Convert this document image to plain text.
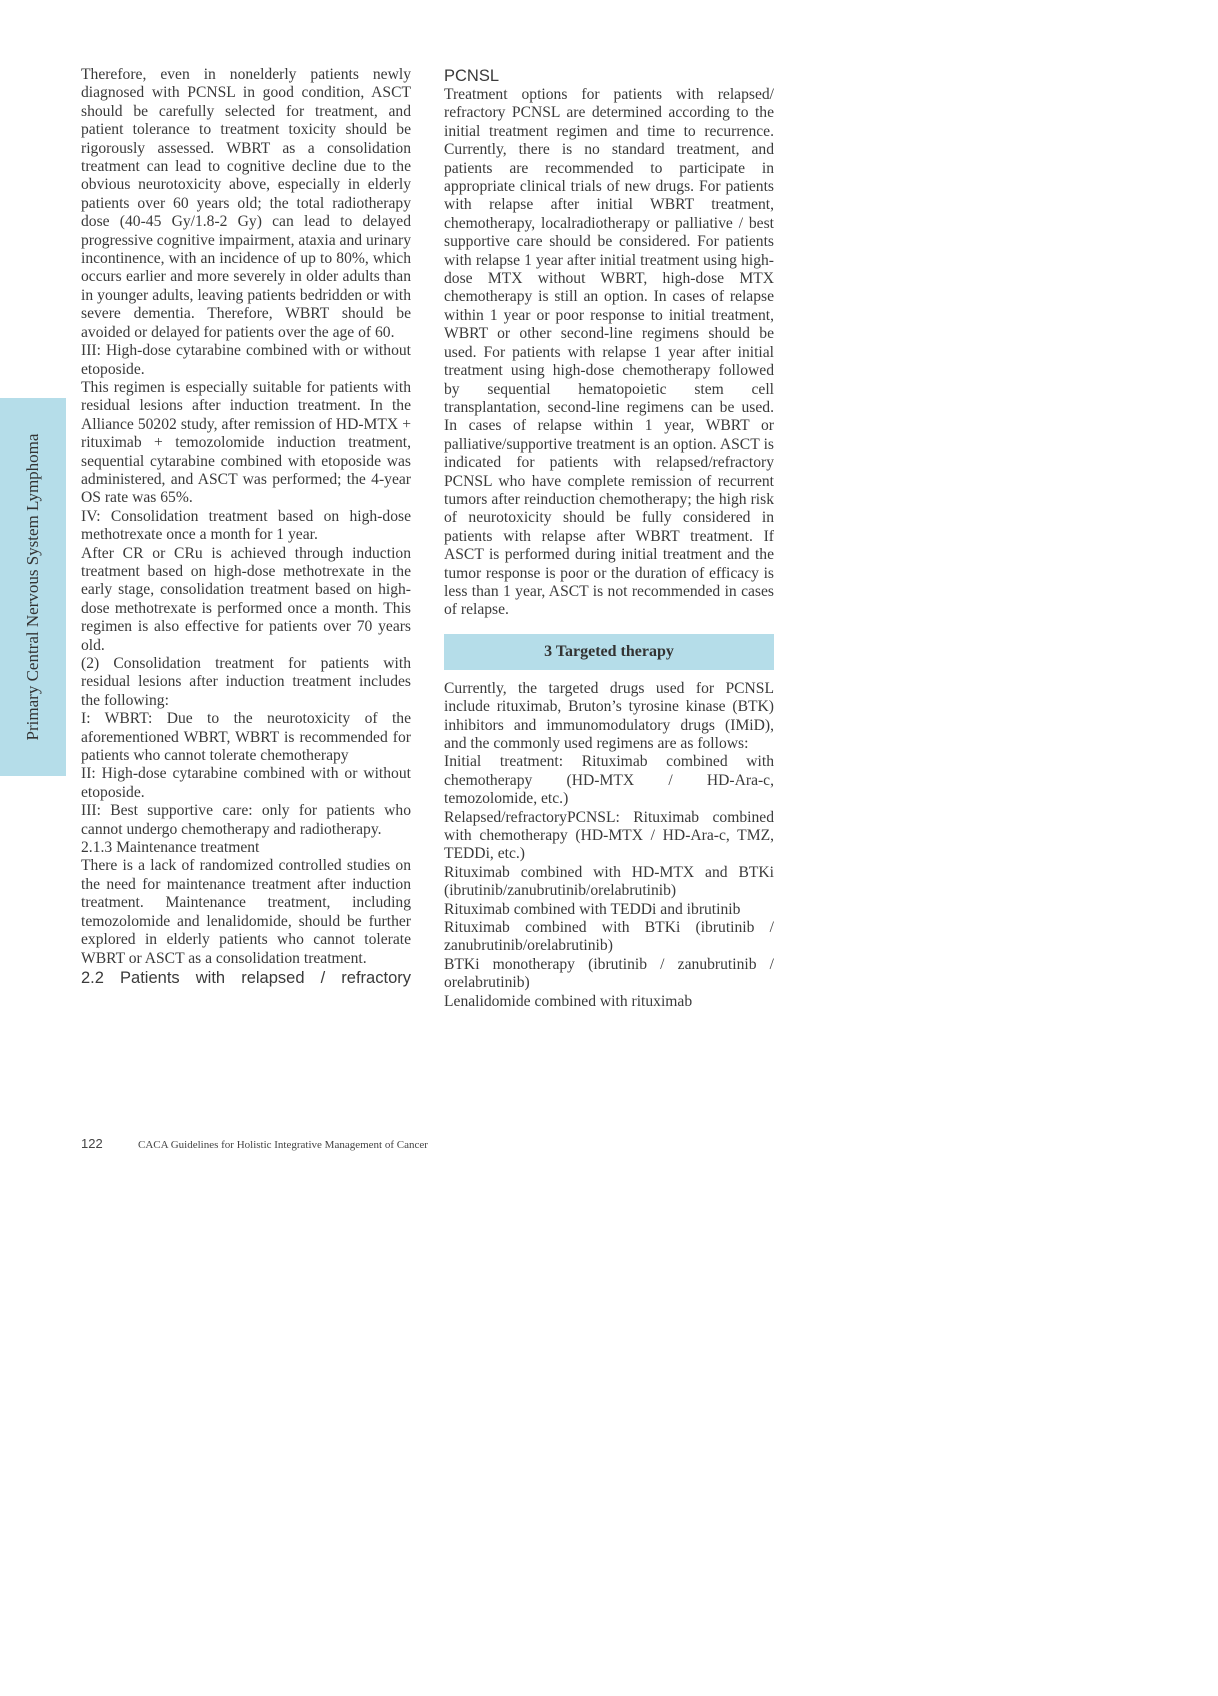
Primary Central Nervous System Lymphoma

Therefore, even in nonelderly patients newly diagnosed with PCNSL in good condition, ASCT should be carefully selected for treatment, and patient tolerance to treatment toxicity should be rigorously assessed. WBRT as a consolidation treatment can lead to cognitive decline due to the obvious neurotoxicity above, especially in elderly patients over 60 years old; the total radiotherapy dose (40-45 Gy/1.8-2 Gy) can lead to delayed progressive cognitive impairment, ataxia and urinary incontinence, with an incidence of up to 80%, which occurs earlier and more severely in older adults than in younger adults, leaving patients bedridden or with severe dementia. Therefore, WBRT should be avoided or delayed for patients over the age of 60.

III: High-dose cytarabine combined with or without etoposide.

This regimen is especially suitable for patients with residual lesions after induction treatment. In the Alliance 50202 study, after remission of HD-MTX + rituximab + temozolomide induction treatment, sequential cytarabine combined with etoposide was administered, and ASCT was performed; the 4-year OS rate was 65%.

IV: Consolidation treatment based on high-dose methotrexate once a month for 1 year.

After CR or CRu is achieved through induction treatment based on high-dose methotrexate in the early stage, consolidation treatment based on high-dose methotrexate is performed once a month. This regimen is also effective for patients over 70 years old.

(2) Consolidation treatment for patients with residual lesions after induction treatment includes the following:

I: WBRT: Due to the neurotoxicity of the aforementioned WBRT, WBRT is recommended for patients who cannot tolerate chemotherapy

II: High-dose cytarabine combined with or without etoposide.

III: Best supportive care: only for patients who cannot undergo chemotherapy and radiotherapy.

2.1.3 Maintenance treatment

There is a lack of randomized controlled studies on the need for maintenance treatment after induction treatment. Maintenance treatment, including temozolomide and lenalidomide, should be further explored in elderly patients who cannot tolerate WBRT or ASCT as a consolidation treatment.

2.2 Patients with relapsed / refractory

PCNSL

Treatment options for patients with relapsed/ refractory PCNSL are determined according to the initial treatment regimen and time to recurrence. Currently, there is no standard treatment, and patients are recommended to participate in appropriate clinical trials of new drugs. For patients with relapse after initial WBRT treatment, chemotherapy, localradiotherapy or palliative / best supportive care should be considered. For patients with relapse 1 year after initial treatment using high-dose MTX without WBRT, high-dose MTX chemotherapy is still an option. In cases of relapse within 1 year or poor response to initial treatment, WBRT or other second-line regimens should be used. For patients with relapse 1 year after initial treatment using high-dose chemotherapy followed by sequential hematopoietic stem cell transplantation, second-line regimens can be used. In cases of relapse within 1 year, WBRT or palliative/supportive treatment is an option. ASCT is indicated for patients with relapsed/refractory PCNSL who have complete remission of recurrent tumors after reinduction chemotherapy; the high risk of neurotoxicity should be fully considered in patients with relapse after WBRT treatment. If ASCT is performed during initial treatment and the tumor response is poor or the duration of efficacy is less than 1 year, ASCT is not recommended in cases of relapse.

3 Targeted therapy

Currently, the targeted drugs used for PCNSL include rituximab, Bruton’s tyrosine kinase (BTK) inhibitors and immunomodulatory drugs (IMiD), and the commonly used regimens are as follows:

Initial treatment: Rituximab combined with chemotherapy (HD-MTX / HD-Ara-c, temozolomide, etc.)

Relapsed/refractoryPCNSL: Rituximab combined with chemotherapy (HD-MTX / HD-Ara-c, TMZ, TEDDi, etc.)

Rituximab combined with HD-MTX and BTKi (ibrutinib/zanubrutinib/orelabrutinib)

Rituximab combined with TEDDi and ibrutinib

Rituximab combined with BTKi (ibrutinib / zanubrutinib/orelabrutinib)

BTKi monotherapy (ibrutinib / zanubrutinib / orelabrutinib)

Lenalidomide combined with rituximab

122	CACA Guidelines for Holistic Integrative Management of Cancer
